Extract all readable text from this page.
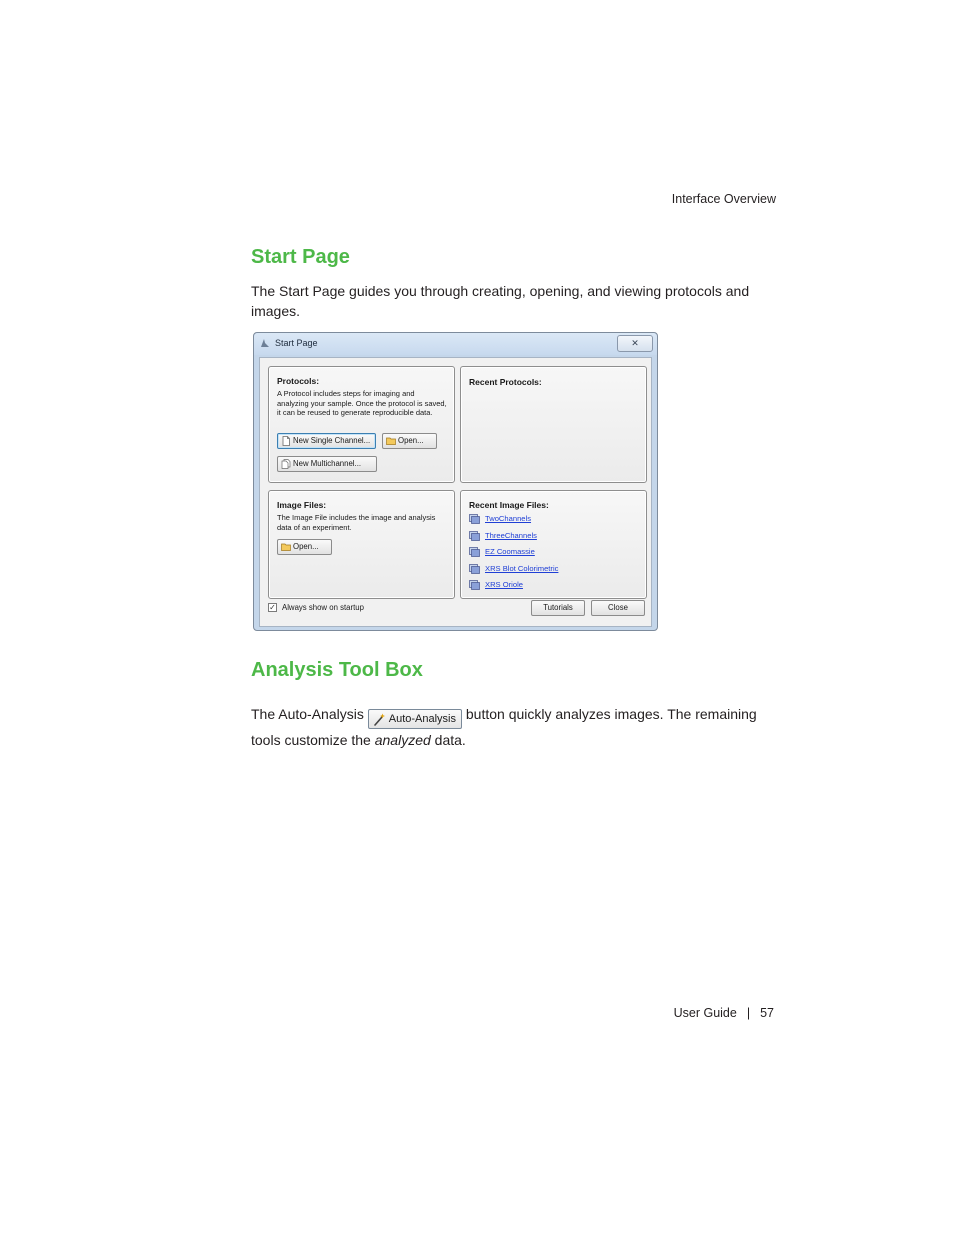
Interface Overview
Start Page

The Start Page guides you through creating, opening, and viewing protocols and images.

Start Page	✕
Protocols:
A Protocol includes steps for imaging and analyzing your sample. Once the protocol is saved, it can be reused to generate reproducible data.
New Single Channel...	Open...
New Multichannel...
Recent Protocols:
Image Files:
The Image File includes the image and analysis data of an experiment.
Open...
Recent Image Files:
TwoChannels
ThreeChannels
EZ Coomassie
XRS Blot Colorimetric
XRS Oriole
✓ Always show on startup	Tutorials	Close
Analysis Tool Box

The Auto-Analysis Auto-Analysis button quickly analyzes images. The remaining tools customize the analyzed data.

User Guide | 57
